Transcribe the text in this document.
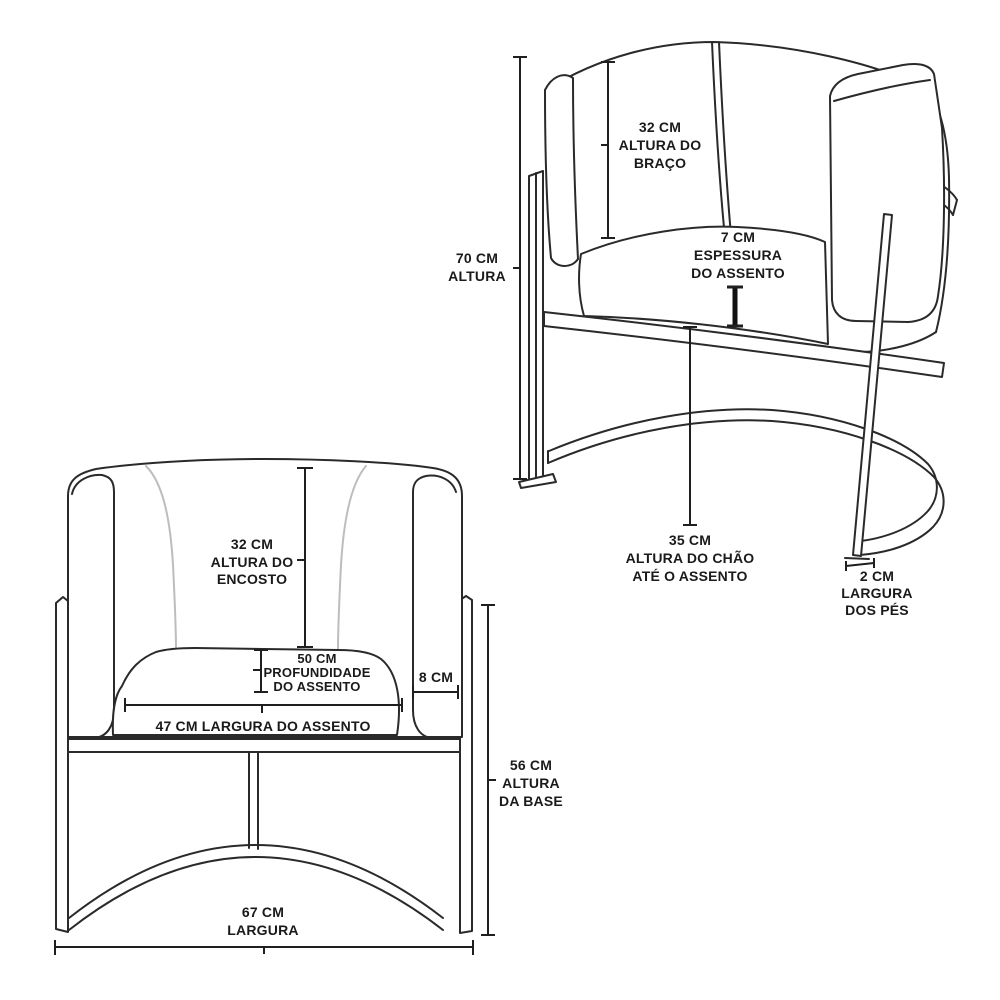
70 CM
ALTURA
32 CM
ALTURA DO
BRAÇO
7 CM
ESPESSURA
DO ASSENTO
35 CM
ALTURA DO CHÃO
ATÉ O ASSENTO	2 CM
LARGURA
DOS PÉS
32 CM
ALTURA DO
ENCOSTO
50 CM
PROFUNDIDADE
DO ASSENTO
47 CM LARGURA DO ASSENTO
8 CM
56 CM
ALTURA
DA BASE
67 CM
LARGURA
